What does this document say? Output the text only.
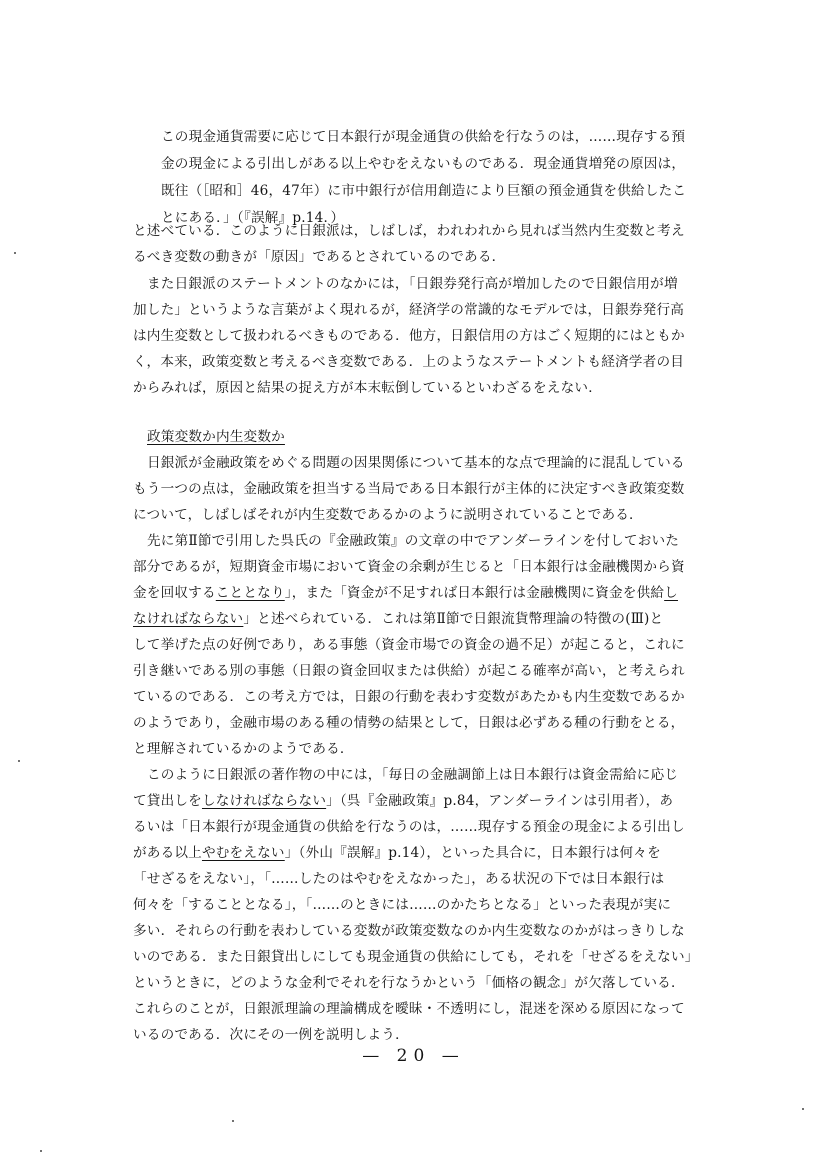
この現金通貨需要に応じて日本銀行が現金通貨の供給を行なうのは，……現存する預
金の現金による引出しがある以上やむをえないものである．現金通貨増発の原因は，
既往（［昭和］46，47年）に市中銀行が信用創造により巨額の預金通貨を供給したこ
とにある．」（『誤解』p.14．）
と述べている．このように日銀派は，しばしば，われわれから見れば当然内生変数と考え
るべき変数の動きが「原因」であるとされているのである．
また日銀派のステートメントのなかには，「日銀券発行高が増加したので日銀信用が増
加した」というような言葉がよく現れるが，経済学の常識的なモデルでは，日銀券発行高
は内生変数として扱われるべきものである．他方，日銀信用の方はごく短期的にはともか
く，本来，政策変数と考えるべき変数である．上のようなステートメントも経済学者の目
からみれば，原因と結果の捉え方が本末転倒しているといわざるをえない．
政策変数か内生変数か
日銀派が金融政策をめぐる問題の因果関係について基本的な点で理論的に混乱している
もう一つの点は，金融政策を担当する当局である日本銀行が主体的に決定すべき政策変数
について，しばしばそれが内生変数であるかのように説明されていることである．
先に第Ⅱ節で引用した呉氏の『金融政策』の文章の中でアンダーラインを付しておいた
部分であるが，短期資金市場において資金の余剰が生じると「日本銀行は金融機関から資
金を回収することとなり」，また「資金が不足すれば日本銀行は金融機関に資金を供給し
なければならない」と述べられている．これは第Ⅱ節で日銀流貨幣理論の特徴の(Ⅲ)と
して挙げた点の好例であり，ある事態（資金市場での資金の過不足）が起こると，これに
引き継いである別の事態（日銀の資金回収または供給）が起こる確率が高い，と考えられ
ているのである．この考え方では，日銀の行動を表わす変数があたかも内生変数であるか
のようであり，金融市場のある種の情勢の結果として，日銀は必ずある種の行動をとる，
と理解されているかのようである．
このように日銀派の著作物の中には，「毎日の金融調節上は日本銀行は資金需給に応じ
て貸出しをしなければならない」（呉『金融政策』p.84，アンダーラインは引用者），あ
るいは「日本銀行が現金通貨の供給を行なうのは，……現存する預金の現金による引出し
がある以上やむをえない」（外山『誤解』p.14），といった具合に，日本銀行は何々を
「せざるをえない」，「……したのはやむをえなかった」，ある状況の下では日本銀行は
何々を「することとなる」，「……のときには……のかたちとなる」といった表現が実に
多い．それらの行動を表わしている変数が政策変数なのか内生変数なのかがはっきりしな
いのである．また日銀貸出しにしても現金通貨の供給にしても，それを「せざるをえない」
というときに，どのような金利でそれを行なうかという「価格の観念」が欠落している．
これらのことが，日銀派理論の理論構成を曖昧・不透明にし，混迷を深める原因になって
いるのである．次にその一例を説明しよう．
— 20 —
